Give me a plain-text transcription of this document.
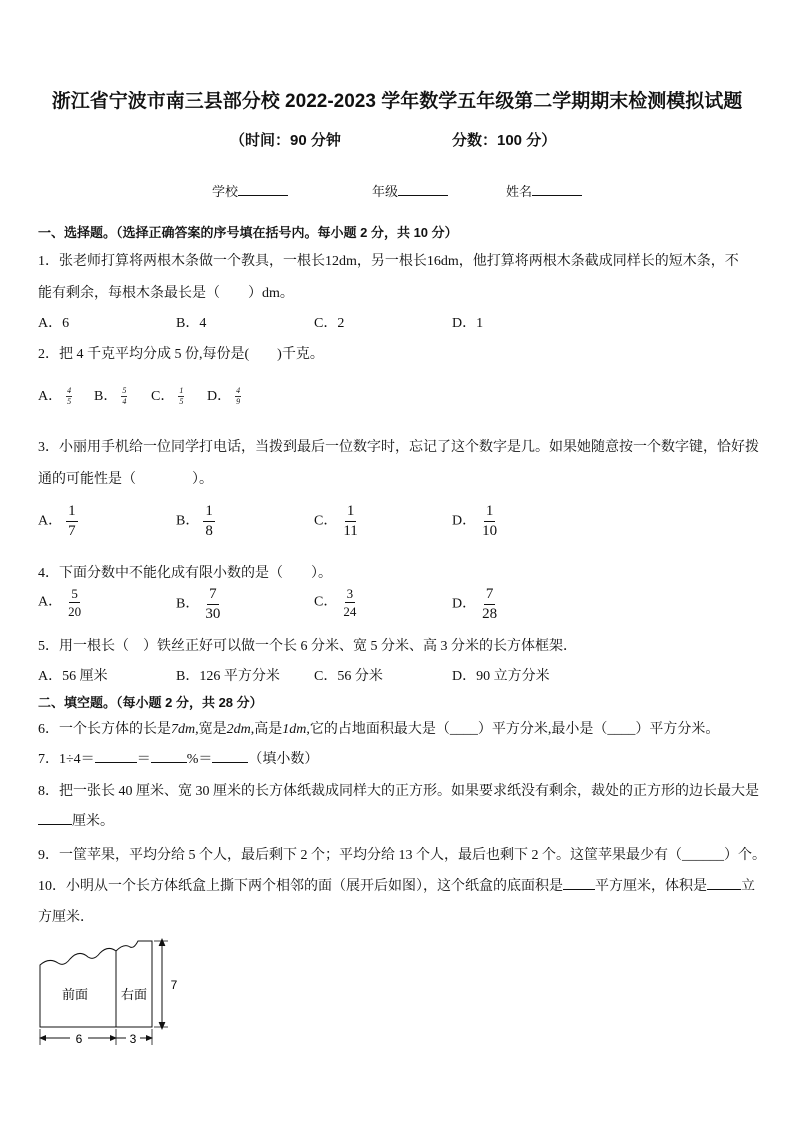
浙江省宁波市南三县部分校 2022-2023 学年数学五年级第二学期期末检测模拟试题
（时间：90 分钟	分数：100 分）
学校	年级	姓名
一、选择题。（选择正确答案的序号填在括号内。每小题 2 分，共 10 分）
1．张老师打算将两根木条做一个教具，一根长12dm，另一根长16dm，他打算将两根木条截成同样长的短木条，不
能有剩余，每根木条最长是（　　）dm。
A．6	B．4	C．2	D．1
2．把 4 千克平均分成 5 份,每份是(　　)千克。
A． $\frac{4}{5}$ B． $\frac{5}{4}$ C． $\frac{1}{5}$ D． $\frac{4}{9}$
3．小丽用手机给一位同学打电话，当拨到最后一位数字时，忘记了这个数字是几。如果她随意按一个数字键，恰好拨
通的可能性是（　　　　）。
A． $\frac{1}{7}$	B． $\frac{1}{8}$	C． $\frac{1}{11}$	D． $\frac{1}{10}$
4．下面分数中不能化成有限小数的是（　　）。
A． $\frac{5}{20}$	B． $\frac{7}{30}$	C． $\frac{3}{24}$	D． $\frac{7}{28}$
5．用一根长（　）铁丝正好可以做一个长 6 分米、宽 5 分米、高 3 分米的长方体框架．
A．56 厘米	B．126 平方分米 C．56 分米	D．90 立方分米
二、填空题。（每小题 2 分，共 28 分）
6．一个长方体的长是7dm,宽是2dm,高是1dm,它的占地面积最大是（____）平方分米,最小是（____）平方分米。
7．1÷4＝	＝	%＝	（填小数）
8．把一张长 40 厘米、宽 30 厘米的长方体纸裁成同样大的正方形。如果要求纸没有剩余，裁处的正方形的边长最大是
厘米。
9．一筐苹果，平均分给 5 个人，最后剩下 2 个；平均分给 13 个人，最后也剩下 2 个。这筐苹果最少有（______）个。
10．小明从一个长方体纸盒上撕下两个相邻的面（展开后如图），这个纸盒的底面积是 平方厘米，体积是 立
方厘米．
前面	右面
6	3
7
